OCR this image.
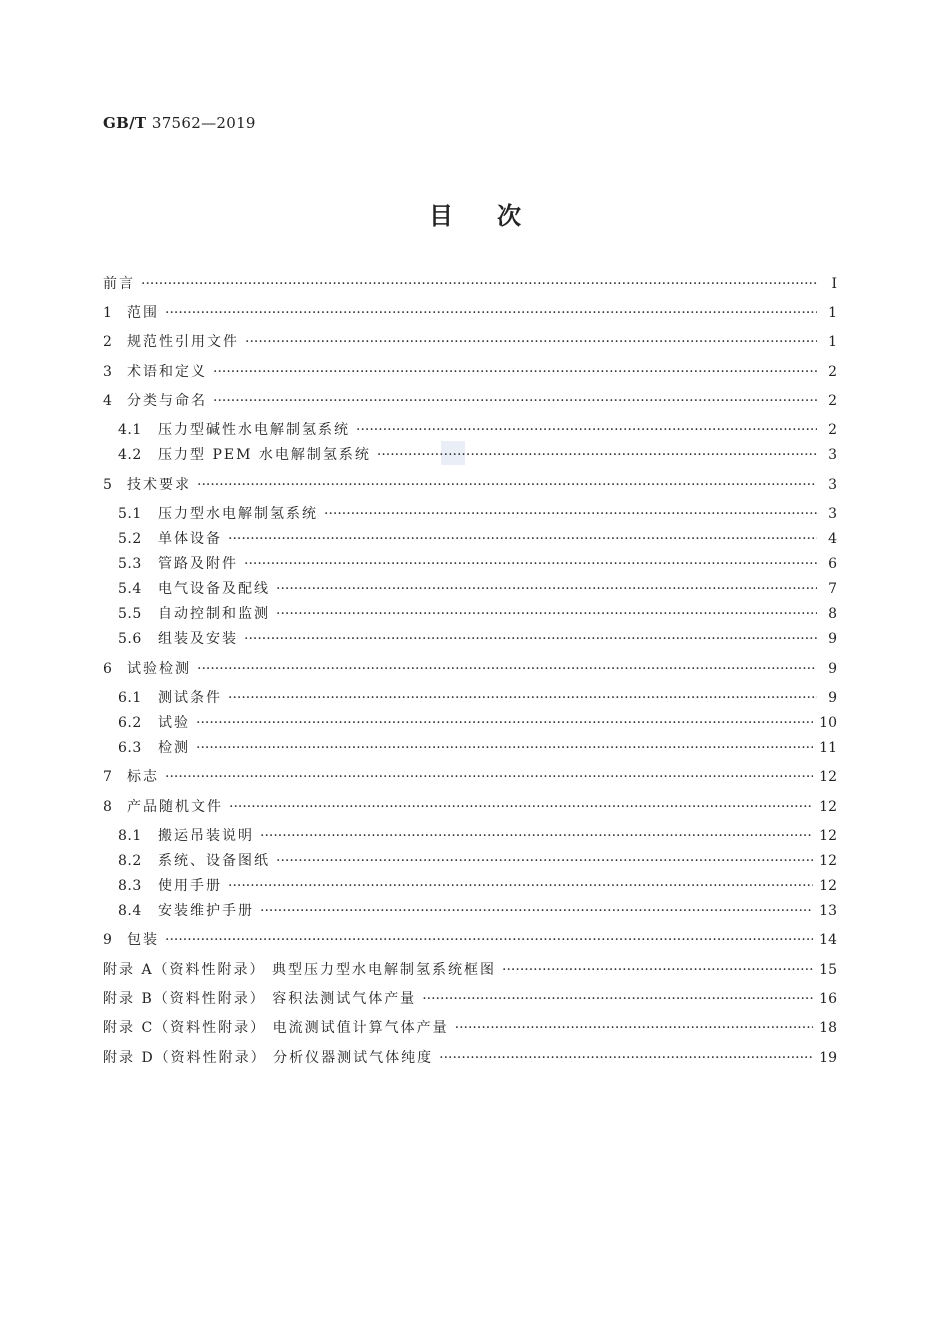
GB/T 37562—2019
目 次
前言 ·····	Ⅰ
1	范围 ·····	1
2	规范性引用文件 ·····	1
3	术语和定义 ·····	2
4	分类与命名 ·····	2
4.1	压力型碱性水电解制氢系统 ·····	2
4.2	压力型 PEM 水电解制氢系统 ·····	3
5	技术要求 ·····	3
5.1	压力型水电解制氢系统 ·····	3
5.2	单体设备 ·····	4
5.3	管路及附件 ·····	6
5.4	电气设备及配线 ·····	7
5.5	自动控制和监测 ·····	8
5.6	组装及安装 ·····	9
6	试验检测 ·····	9
6.1	测试条件 ·····	9
6.2	试验 ·····	10
6.3	检测 ·····	11
7	标志 ·····	12
8	产品随机文件 ·····	12
8.1	搬运吊装说明 ·····	12
8.2	系统、设备图纸 ·····	12
8.3	使用手册 ·····	12
8.4	安装维护手册 ·····	13
9	包装 ·····	14
附录 A（资料性附录） 典型压力型水电解制氢系统框图 ·····	15
附录 B（资料性附录） 容积法测试气体产量 ·····	16
附录 C（资料性附录） 电流测试值计算气体产量 ·····	18
附录 D（资料性附录） 分析仪器测试气体纯度 ·····	19
